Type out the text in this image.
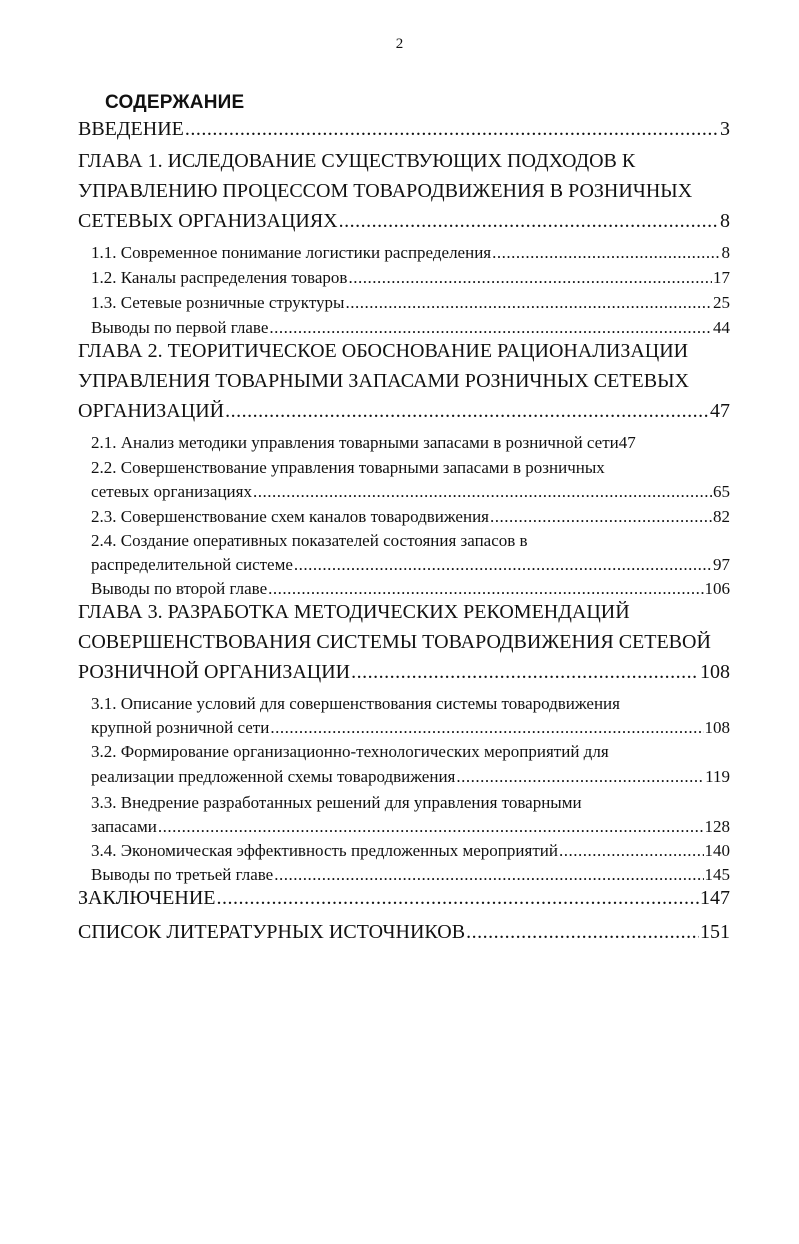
2
СОДЕРЖАНИЕ
ВВЕДЕНИЕ .....	3
ГЛАВА 1. ИСЛЕДОВАНИЕ СУЩЕСТВУЮЩИХ ПОДХОДОВ К
УПРАВЛЕНИЮ ПРОЦЕССОМ ТОВАРОДВИЖЕНИЯ В РОЗНИЧНЫХ
СЕТЕВЫХ ОРГАНИЗАЦИЯХ .....	8
1.1. Современное понимание логистики распределения .....	8
1.2. Каналы распределения товаров .....	17
1.3. Сетевые розничные структуры .....	25
Выводы по первой главе .....	44
ГЛАВА 2. ТЕОРИТИЧЕСКОЕ ОБОСНОВАНИЕ РАЦИОНАЛИЗАЦИИ
УПРАВЛЕНИЯ ТОВАРНЫМИ ЗАПАСАМИ РОЗНИЧНЫХ СЕТЕВЫХ
ОРГАНИЗАЦИЙ .....	47
2.1. Анализ методики управления товарными запасами в розничной сети 47
2.2. Совершенствование управления товарными запасами в розничных
сетевых организациях .....	65
2.3. Совершенствование схем каналов товародвижения .....	82
2.4. Создание оперативных показателей состояния запасов в
распределительной системе .....	97
Выводы по второй главе .....	106
ГЛАВА 3. РАЗРАБОТКА МЕТОДИЧЕСКИХ РЕКОМЕНДАЦИЙ
СОВЕРШЕНСТВОВАНИЯ СИСТЕМЫ ТОВАРОДВИЖЕНИЯ СЕТЕВОЙ
РОЗНИЧНОЙ ОРГАНИЗАЦИИ .....	108
3.1. Описание условий для совершенствования системы товародвижения
крупной розничной сети .....	108
3.2. Формирование организационно-технологических мероприятий для
реализации предложенной схемы товародвижения .....	119
3.3. Внедрение разработанных решений для управления товарными
запасами .....	128
3.4. Экономическая эффективность предложенных мероприятий .....	140
Выводы по третьей главе .....	145
ЗАКЛЮЧЕНИЕ .....	147
СПИСОК ЛИТЕРАТУРНЫХ ИСТОЧНИКОВ .....	151
